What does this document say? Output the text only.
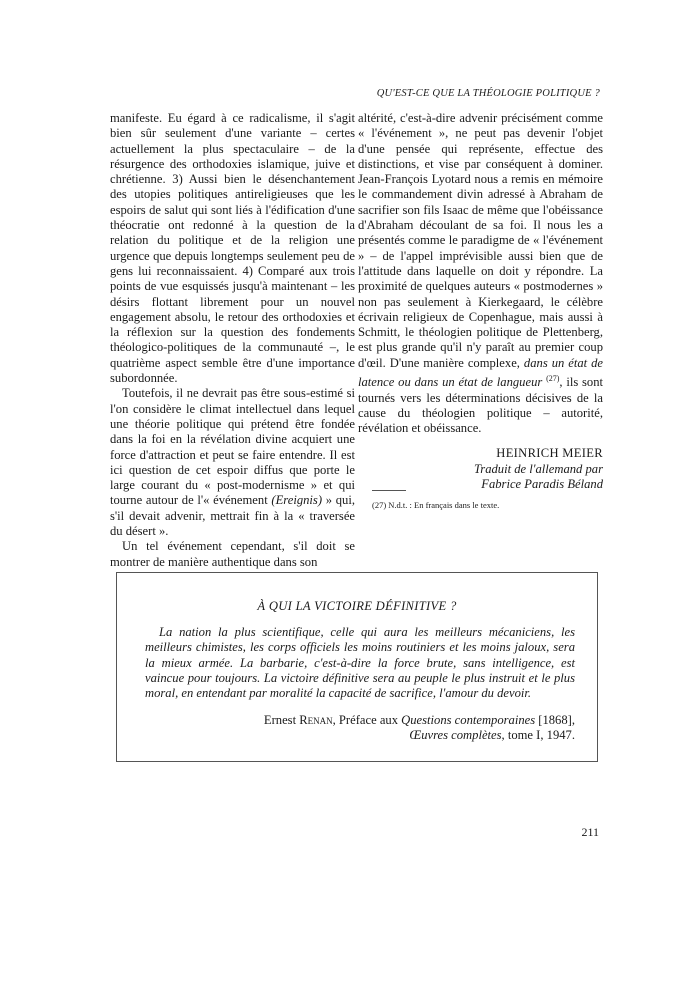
QU'EST-CE QUE LA THÉOLOGIE POLITIQUE ?

manifeste. Eu égard à ce radicalisme, il s'agit bien sûr seulement d'une variante – certes actuellement la plus spectaculaire – de la résurgence des orthodoxies islamique, juive et chrétienne. 3) Aussi bien le désenchantement des utopies politiques antireligieuses que les espoirs de salut qui sont liés à l'édification d'une théocratie ont redonné à la question de la relation du politique et de la religion une urgence que depuis longtemps seulement peu de gens lui reconnaissaient. 4) Comparé aux trois points de vue esquissés jusqu'à maintenant – les désirs flottant librement pour un nouvel engagement absolu, le retour des orthodoxies et la réflexion sur la question des fondements théologico-politiques de la communauté –, le quatrième aspect semble être d'une importance subordonnée.

Toutefois, il ne devrait pas être sous-estimé si l'on considère le climat intellectuel dans lequel une théorie politique qui prétend être fondée dans la foi en la révélation divine acquiert une force d'attraction et peut se faire entendre. Il est ici question de cet espoir diffus que porte le large courant du « post-modernisme » et qui tourne autour de l'« événement (Ereignis) » qui, s'il devait advenir, mettrait fin à la « traversée du désert ».

Un tel événement cependant, s'il doit se montrer de manière authentique dans son

altérité, c'est-à-dire advenir précisément comme « l'événement », ne peut pas devenir l'objet d'une pensée qui représente, effectue des distinctions, et vise par conséquent à dominer. Jean-François Lyotard nous a remis en mémoire le commandement divin adressé à Abraham de sacrifier son fils Isaac de même que l'obéissance d'Abraham découlant de sa foi. Il nous les a présentés comme le paradigme de « l'événement » – de l'appel imprévisible aussi bien que de l'attitude dans laquelle on doit y répondre. La proximité de quelques auteurs « postmodernes » non pas seulement à Kierkegaard, le célèbre écrivain religieux de Copenhague, mais aussi à Schmitt, le théologien politique de Plettenberg, est plus grande qu'il n'y paraît au premier coup d'œil. D'une manière complexe, dans un état de latence ou dans un état de langueur $^{(27)}$, ils sont tournés vers les déterminations décisives de la cause du théologien politique – autorité, révélation et obéissance.

HEINRICH MEIER
Traduit de l'allemand par
Fabrice Paradis Béland
(27) N.d.t. : En français dans le texte.
À QUI LA VICTOIRE DÉFINITIVE ?

La nation la plus scientifique, celle qui aura les meilleurs mécaniciens, les meilleurs chimistes, les corps officiels les moins routiniers et les moins jaloux, sera la mieux armée. La barbarie, c'est-à-dire la force brute, sans intelligence, est vaincue pour toujours. La victoire définitive sera au peuple le plus instruit et le plus moral, en entendant par moralité la capacité de sacrifice, l'amour du devoir.

Ernest Renan, Préface aux Questions contemporaines [1868],
Œuvres complètes, tome I, 1947.
211
